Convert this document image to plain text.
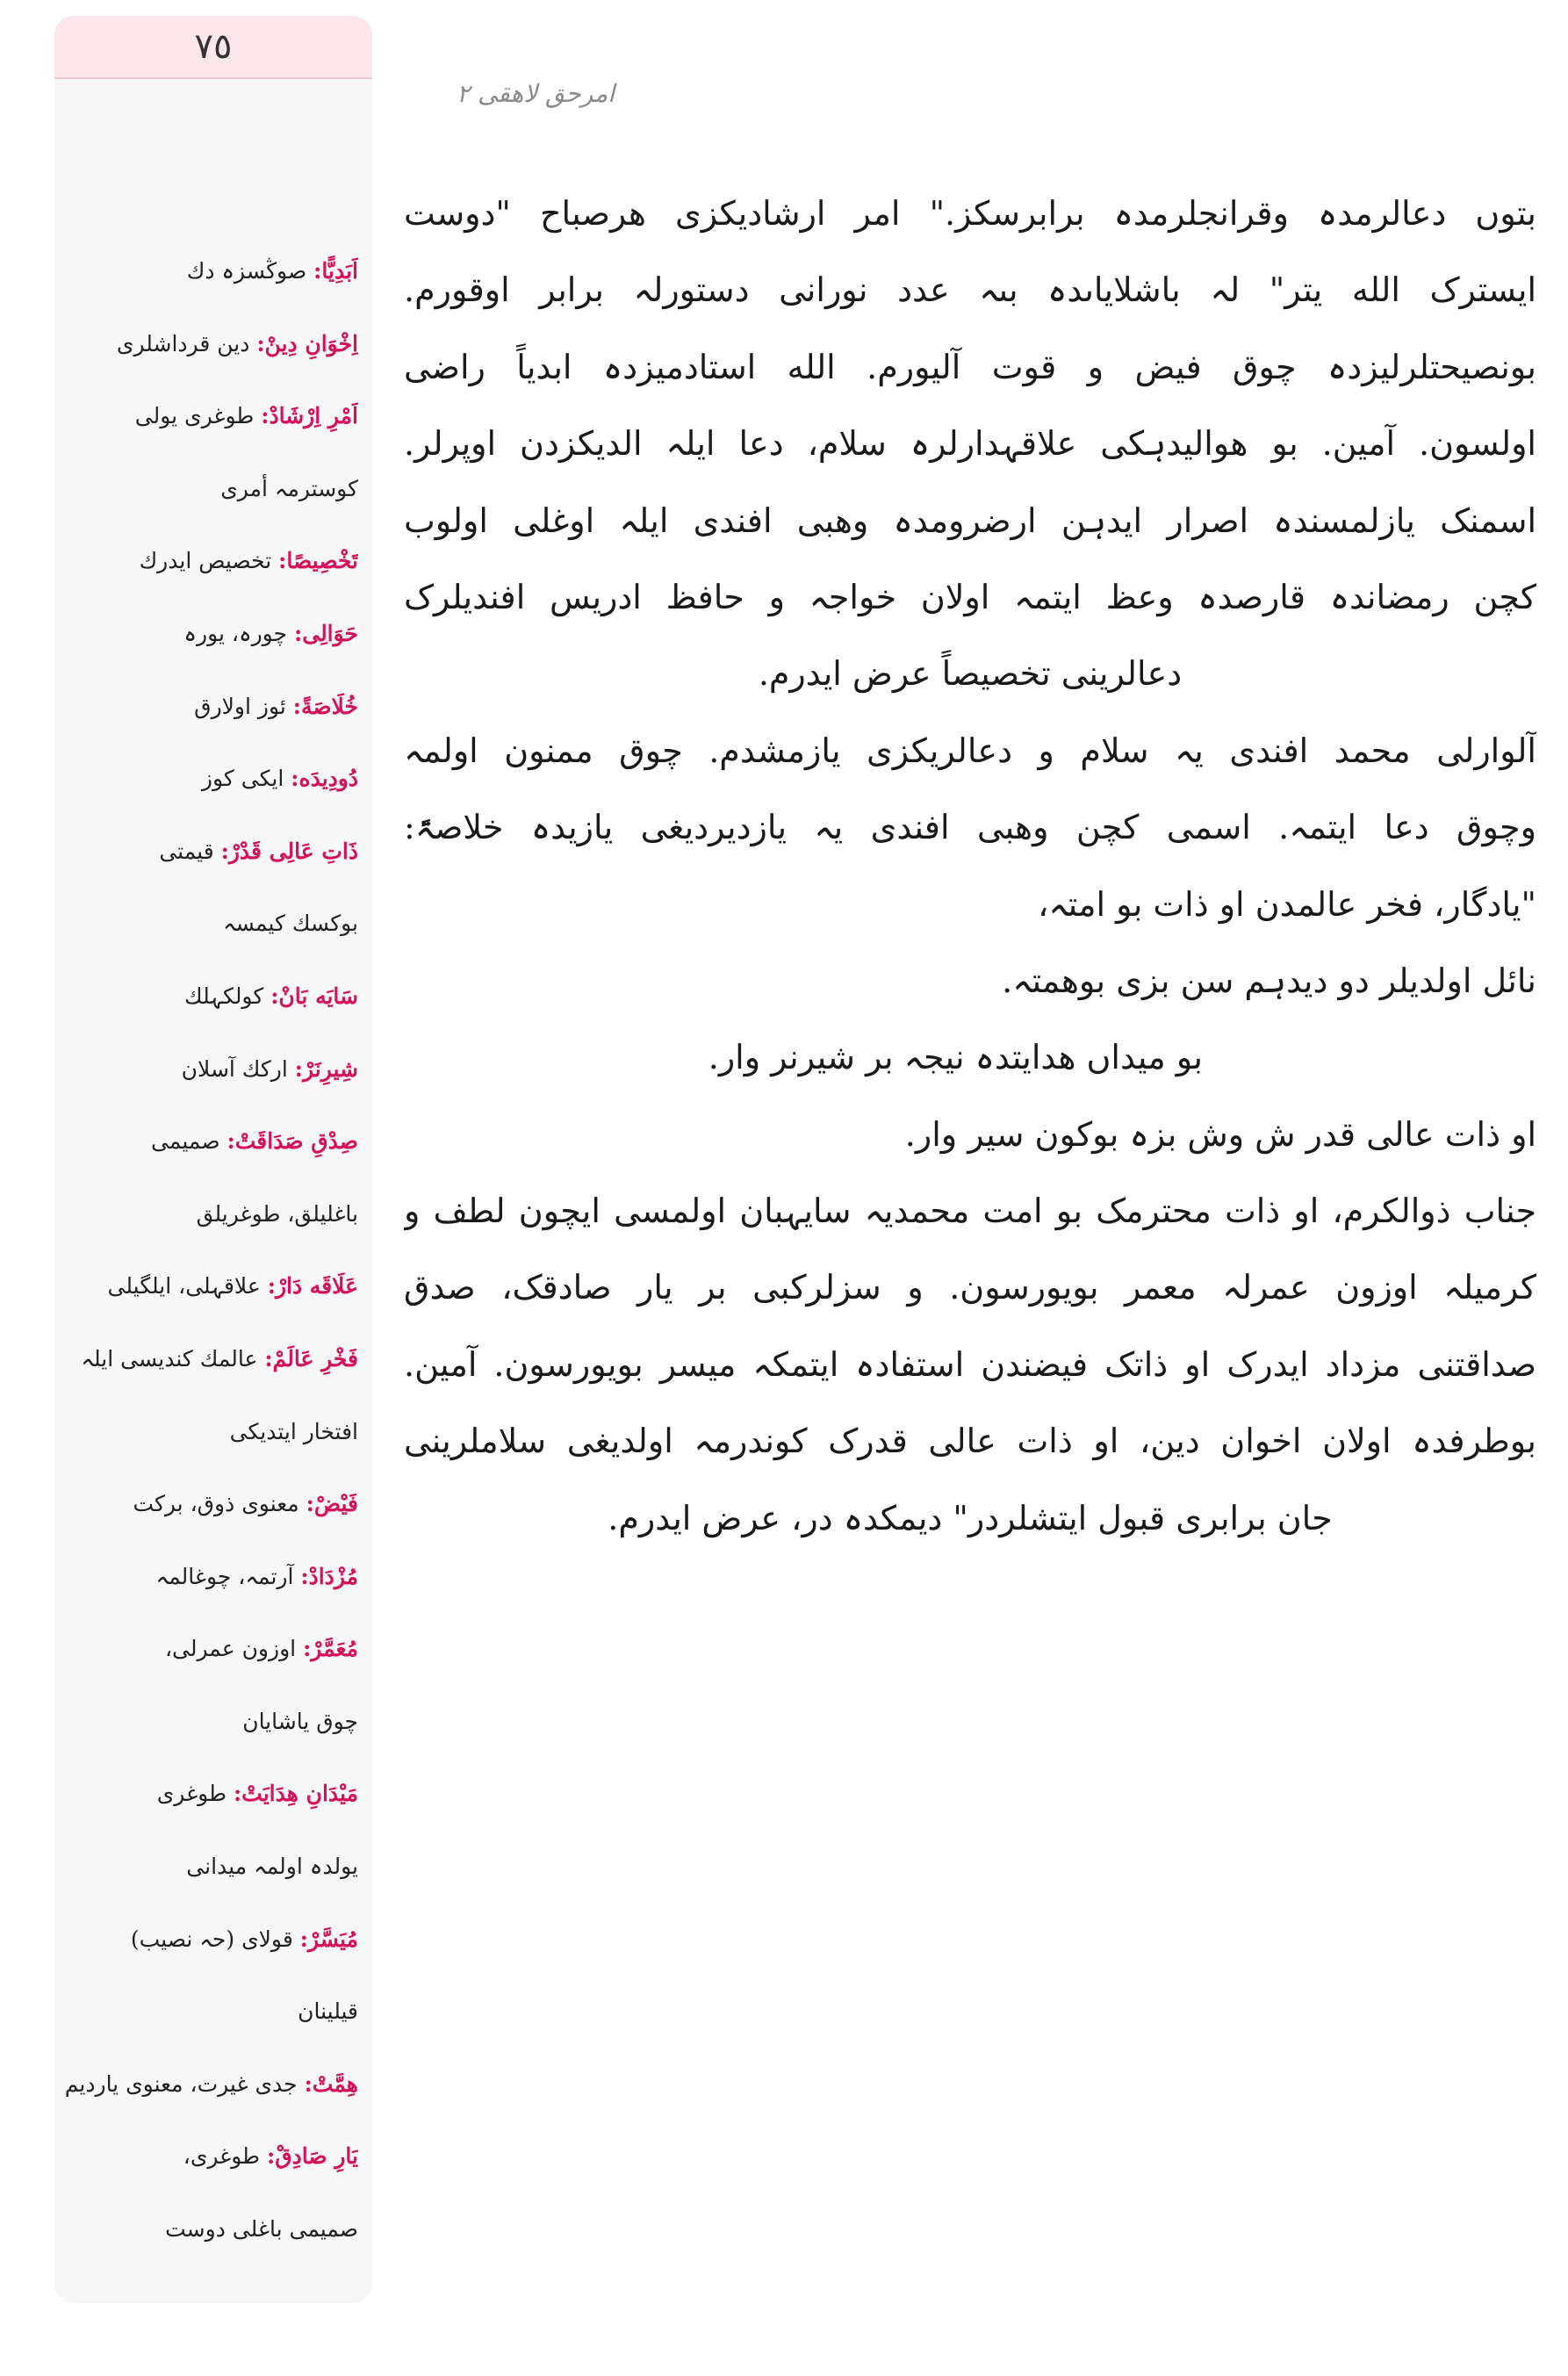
٧٥
اَبَدِیًّا: صوڭسزہ دك
اِخْوَانِ دِینْ: دین قرداشلری
اَمْرِ اِرْشَادْ: طوغری یولی
کوسترمہ أمری
تَخْصِیصًا: تخصیص ایدرك
حَوَالِی: چورہ، یورہ
خُلَاصَةً: ئوز اولارق
دُودِیدَه: ایکی کوز
ذَاتِ عَالِی قَدْرْ: قیمتی
بوکسك کیمسہ
سَایَه بَانْ: کولکہلك
شِیرِنَرْ: ارکك آسلان
صِدْقِ صَدَاقَتْ: صمیمی
باغلیلق، طوغریلق
عَلَاقَه دَارْ: علاقہلی، ایلگیلی
فَخْرِ عَالَمْ: عالمك کندیسی ایلہ
افتخار ایتدیکی
فَیْضْ: معنوی ذوق، برکت
مُزْدَادْ: آرتمہ، چوغالمہ
مُعَمَّرْ: اوزون عمرلی،
چوق یاشایان
مَیْدَانِ هِدَایَتْ: طوغری
یولدہ اولمہ میدانی
مُیَسَّرْ: قولای (حہ نصیب)
قیلینان
هِمَّتْ: جدی غیرت، معنوی یاردیم
یَارِ صَادِقْ: طوغری،
صمیمی باغلی دوست
امرحق لاهقی ٢
بتوں دعالرمدہ وقرانجلرمدہ برابرسکز." امر ارشادیکزی ھرصباح "دوست
ایسترک الله یتر" لہ باشلایاںدہ بںہ عدد نورانی دستورلہ برابر اوقورم.
بونصیحتلرلیزدہ چوق فیض و قوت آلیورم. الله استادمیزدہ ابدیاً راضی
اولسون. آمین. بو ھوالیدہکی علاقہدارلرہ سلام، دعا ایلہ الدیکزدن اوپرلر.
اسمنک یازلمسندہ اصرار ایدہن ارضرومدہ وھبی افندی ایلہ اوغلی اولوب
کچن رمضاندہ قارصدہ وعظ ایتمہ اولان خواجہ و حافظ ادریس افندیلرک
دعالرینی تخصیصاً عرض ایدرم.
آلوارلی محمد افندی یہ سلام و دعالریکزی یازمشدم. چوق ممنون اولمہ
وچوق دعا ایتمہ. اسمی کچن وھبی افندی یہ یازدیردیغی یازیدہ خلاصۃً:
"یادگار، فخر عالمدن او ذات بو امتہ،
نائل اولدیلر دو دیدہم سن بزی بوھمتہ.
بو میداں ھدایتدہ نیجہ بر شیرنر وار.
او ذات عالی قدر ش وش بزہ بوکون سیر وار.
جناب ذوالکرم، او ذات محترمک بو امت محمدیہ سایہبان اولمسی ایچون لطف و
کرمیلہ اوزون عمرلہ معمر بویورسون. و سزلرکبی بر یار صادقک، صدق
صداقتنی مزداد ایدرک او ذاتک فیضندن استفادہ ایتمکہ میسر بویورسون. آمین.
بوطرفدہ اولان اخوان دین، او ذات عالی قدرک کوندرمہ اولدیغی سلاملرینی
جان برابری قبول ایتشلردر" دیمکدہ در، عرض ایدرم.
